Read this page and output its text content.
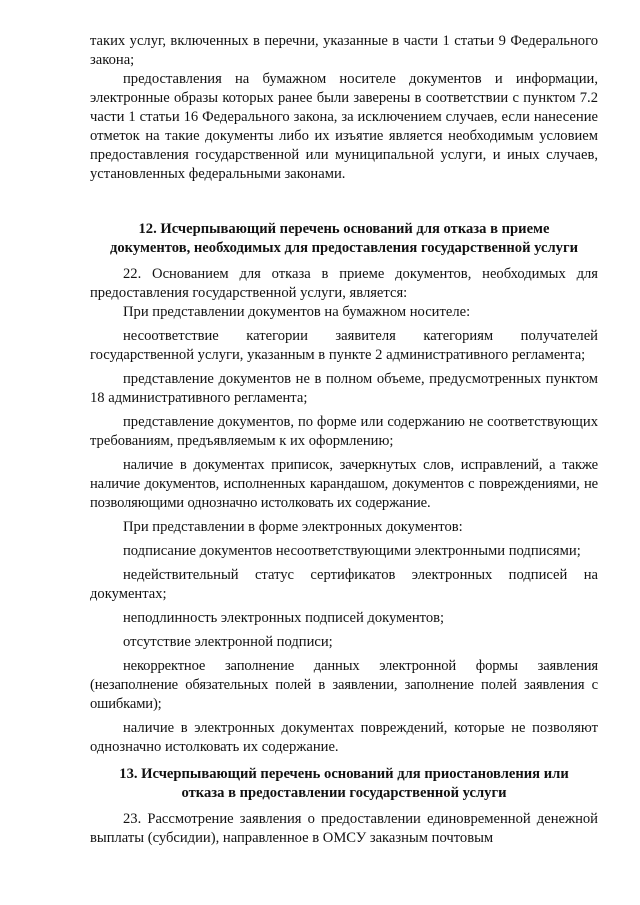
таких услуг, включенных в перечни, указанные в части 1 статьи 9 Федерального закона;

предоставления на бумажном носителе документов и информации, электронные образы которых ранее были заверены в соответствии с пунктом 7.2 части 1 статьи 16 Федерального закона, за исключением случаев, если нанесение отметок на такие документы либо их изъятие является необходимым условием предоставления государственной или муниципальной услуги, и иных случаев, установленных федеральными законами.

12. Исчерпывающий перечень оснований для отказа в приеме документов, необходимых для предоставления государственной услуги

22. Основанием для отказа в приеме документов, необходимых для предоставления государственной услуги, является:

При представлении документов на бумажном носителе:

несоответствие категории заявителя категориям получателей государственной услуги, указанным в пункте 2 административного регламента;

представление документов не в полном объеме, предусмотренных пунктом 18 административного регламента;

представление документов, по форме или содержанию не соответствующих требованиям, предъявляемым к их оформлению;

наличие в документах приписок, зачеркнутых слов, исправлений, а также наличие документов, исполненных карандашом, документов с повреждениями, не позволяющими однозначно истолковать их содержание.

При представлении в форме электронных документов:

подписание документов несоответствующими электронными подписями;

недействительный статус сертификатов электронных подписей на документах;

неподлинность электронных подписей документов;

отсутствие электронной подписи;

некорректное заполнение данных электронной формы заявления (незаполнение обязательных полей в заявлении, заполнение полей заявления с ошибками);

наличие в электронных документах повреждений, которые не позволяют однозначно истолковать их содержание.

13. Исчерпывающий перечень оснований для приостановления или отказа в предоставлении государственной услуги

23. Рассмотрение заявления о предоставлении единовременной денежной выплаты (субсидии), направленное в ОМСУ заказным почтовым
